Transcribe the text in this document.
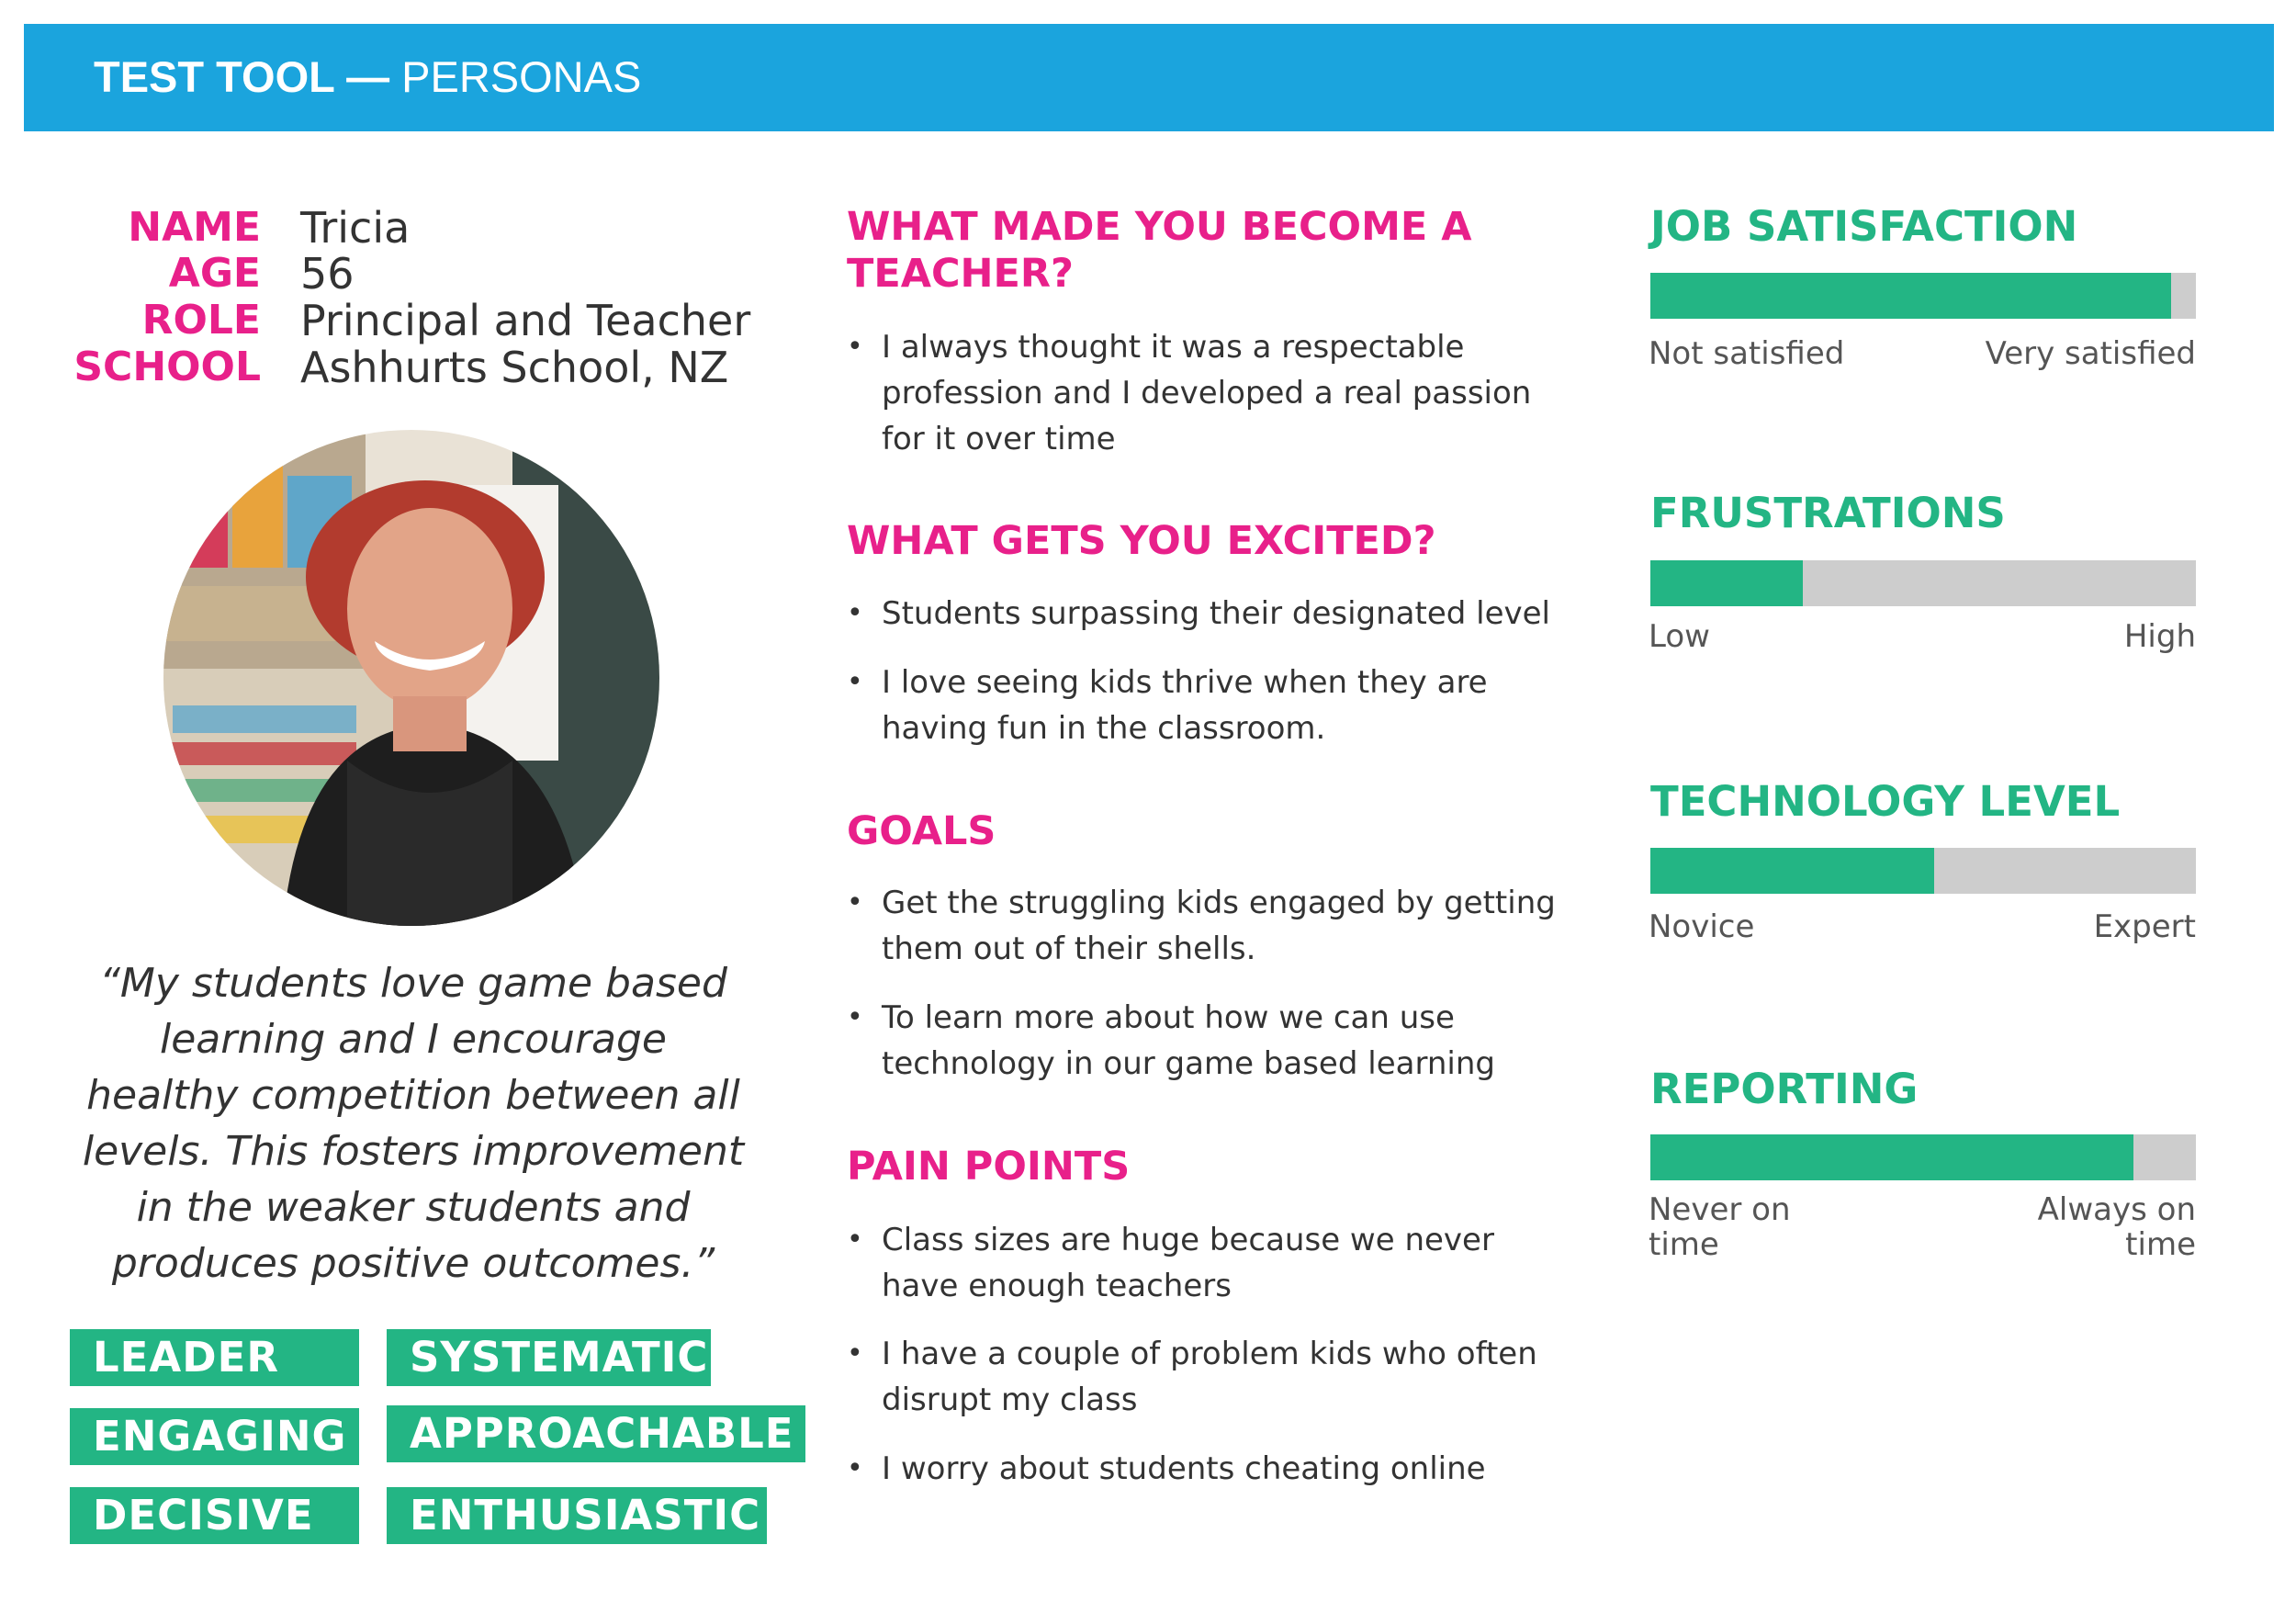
TEST TOOL — PERSONAS
NAME Tricia
AGE 56
ROLE Principal and Teacher
SCHOOL Ashhurts School, NZ
“My students love game based
learning and I encourage
healthy competition between all
levels. This fosters improvement
in the weaker students and
produces positive outcomes.”
LEADER	SYSTEMATIC
ENGAGING	APPROACHABLE
DECISIVE	ENTHUSIASTIC
WHAT MADE YOU BECOME A
TEACHER?
• I always thought it was a respectable
profession and I developed a real passion
for it over time
WHAT GETS YOU EXCITED?
• Students surpassing their designated level
• I love seeing kids thrive when they are
having fun in the classroom.
GOALS
• Get the struggling kids engaged by getting
them out of their shells.
• To learn more about how we can use
technology in our game based learning
PAIN POINTS
• Class sizes are huge because we never
have enough teachers
• I have a couple of problem kids who often
disrupt my class
• I worry about students cheating online
JOB SATISFACTION
Not satisfied	Very satisfied
FRUSTRATIONS
Low	High
TECHNOLOGY LEVEL
Novice	Expert
REPORTING
Never on
time
Always on
time
